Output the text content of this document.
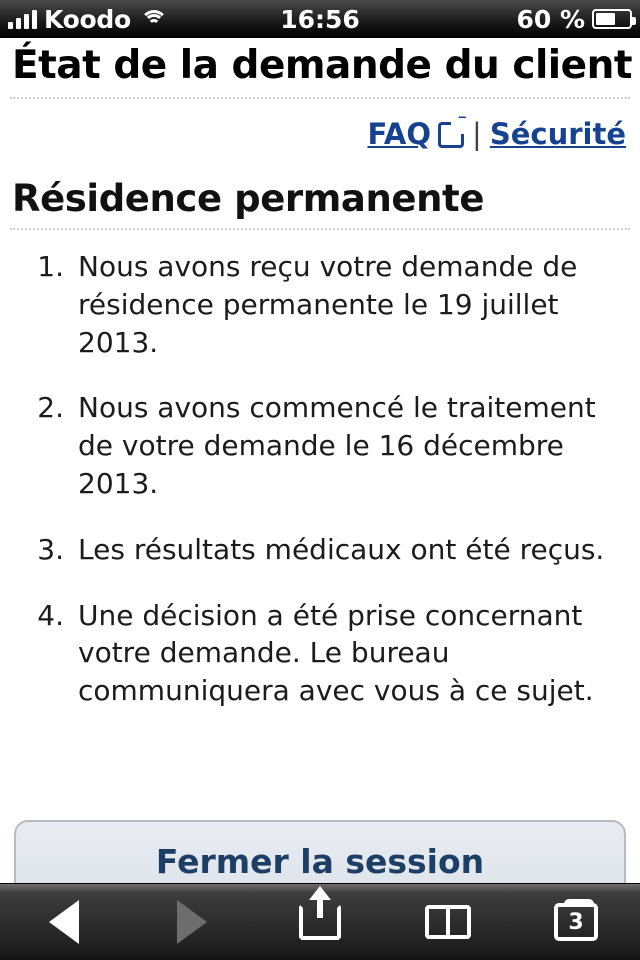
Koodo	16:56	60 %
État de la demande du client
FAQ ↗ | Sécurité
Résidence permanente
1. Nous avons reçu votre demande de résidence permanente le 19 juillet 2013.
2. Nous avons commencé le traitement de votre demande le 16 décembre 2013.
3. Les résultats médicaux ont été reçus.
4. Une décision a été prise concernant votre demande. Le bureau communiquera avec vous à ce sujet.
Fermer la session
3
